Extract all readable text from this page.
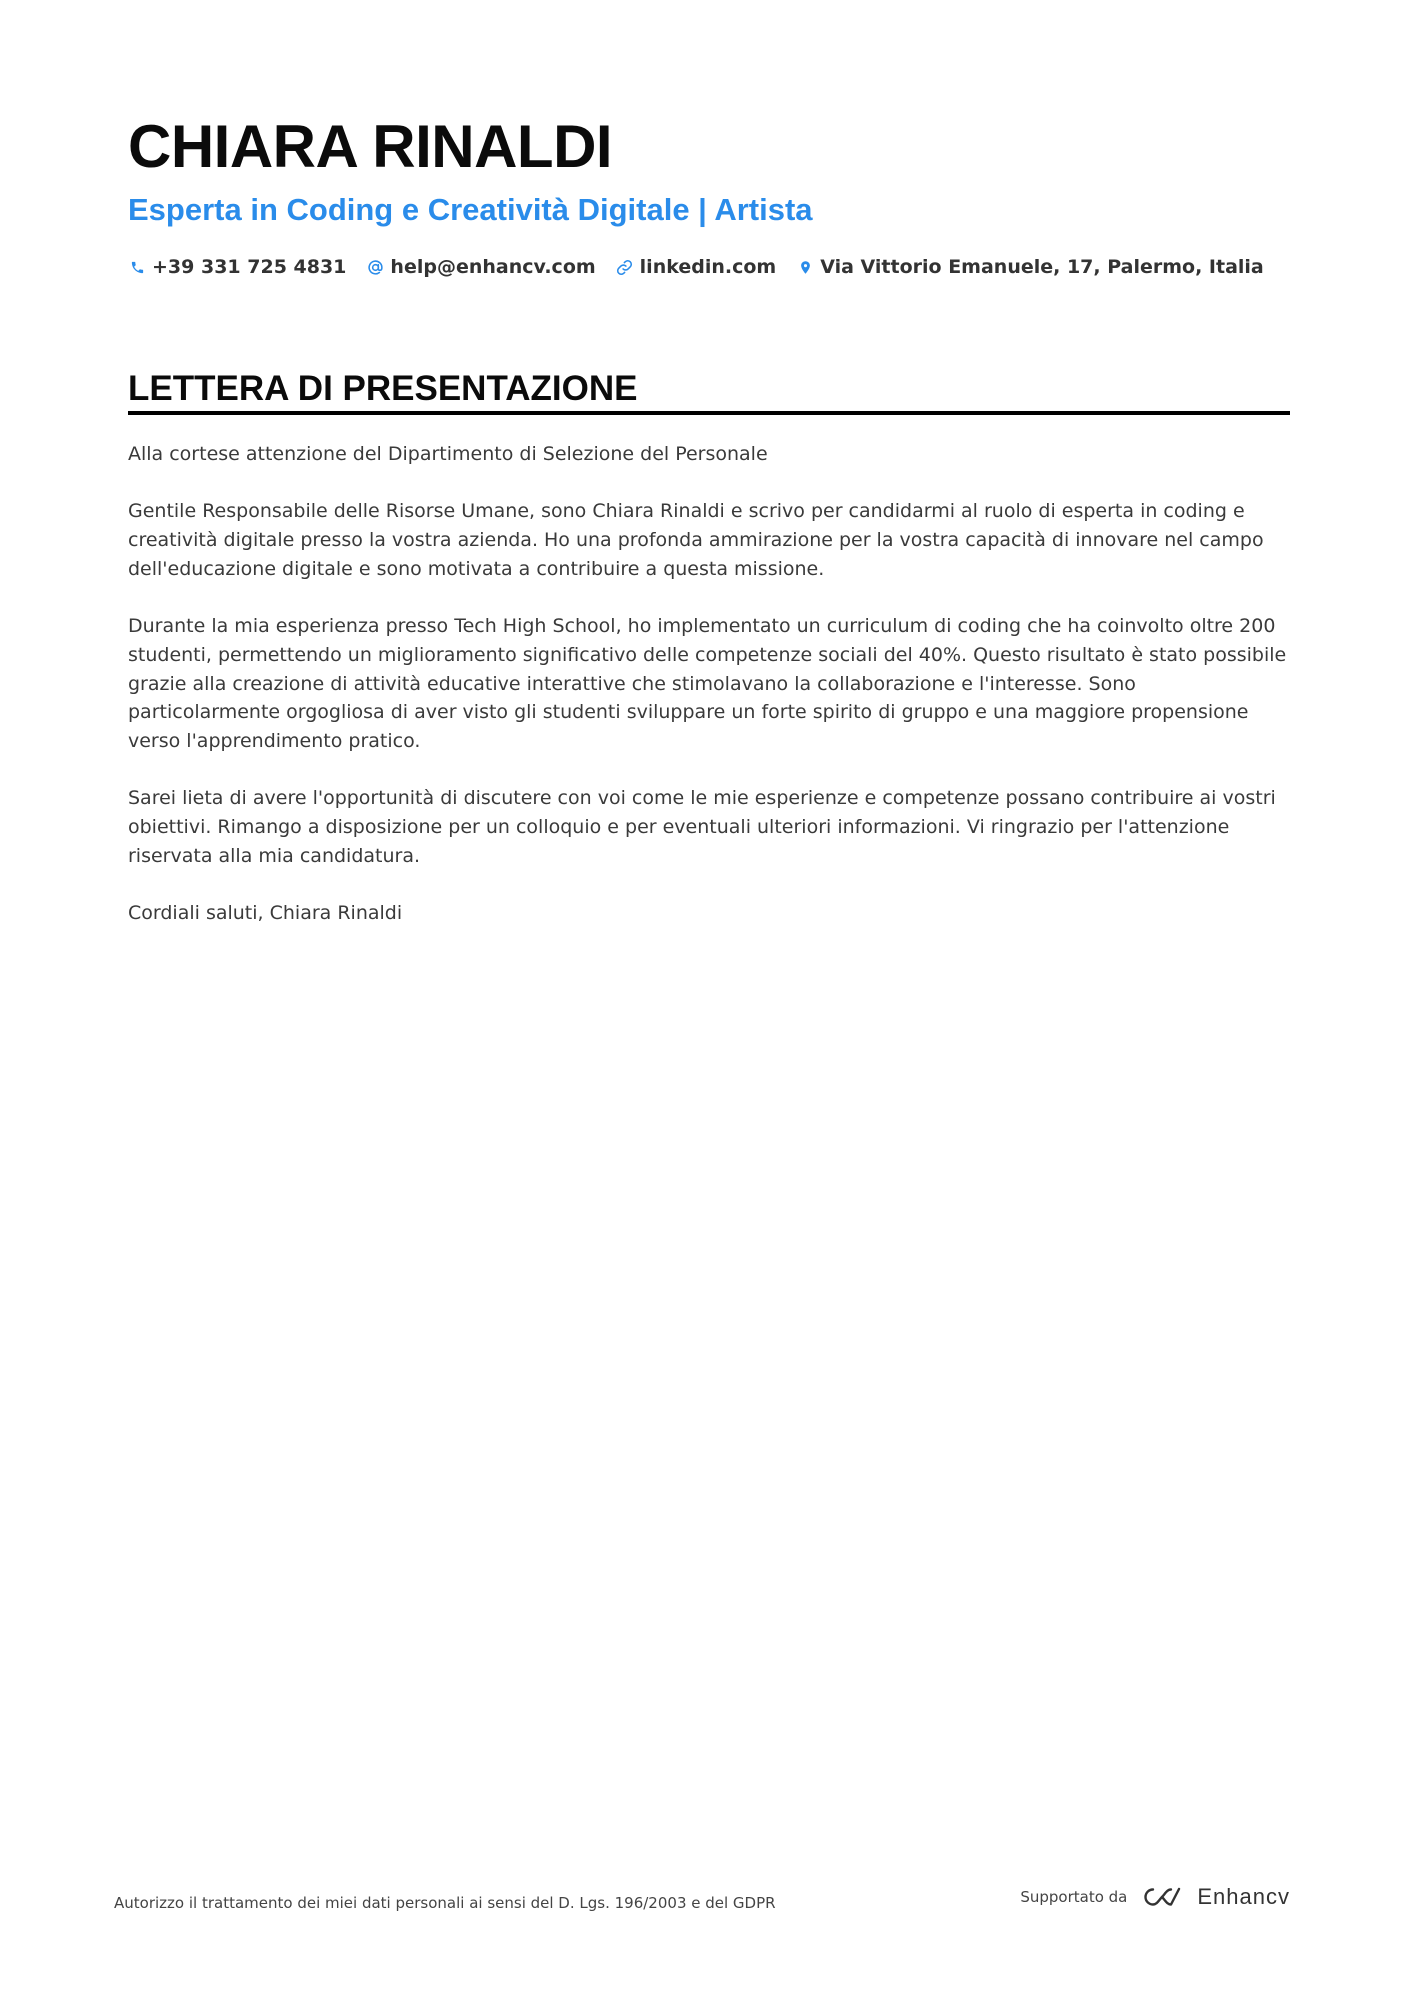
CHIARA RINALDI
Esperta in Coding e Creatività Digitale | Artista
+39 331 725 4831 help@enhancv.com linkedin.com Via Vittorio Emanuele, 17, Palermo, Italia
LETTERA DI PRESENTAZIONE

Alla cortese attenzione del Dipartimento di Selezione del Personale

Gentile Responsabile delle Risorse Umane, sono Chiara Rinaldi e scrivo per candidarmi al ruolo di esperta in coding e creatività digitale presso la vostra azienda. Ho una profonda ammirazione per la vostra capacità di innovare nel campo dell'educazione digitale e sono motivata a contribuire a questa missione.

Durante la mia esperienza presso Tech High School, ho implementato un curriculum di coding che ha coinvolto oltre 200 studenti, permettendo un miglioramento significativo delle competenze sociali del 40%. Questo risultato è stato possibile grazie alla creazione di attività educative interattive che stimolavano la collaborazione e l'interesse. Sono particolarmente orgogliosa di aver visto gli studenti sviluppare un forte spirito di gruppo e una maggiore propensione verso l'apprendimento pratico.

Sarei lieta di avere l'opportunità di discutere con voi come le mie esperienze e competenze possano contribuire ai vostri obiettivi. Rimango a disposizione per un colloquio e per eventuali ulteriori informazioni. Vi ringrazio per l'attenzione riservata alla mia candidatura.

Cordiali saluti, Chiara Rinaldi

Autorizzo il trattamento dei miei dati personali ai sensi del D. Lgs. 196/2003 e del GDPR	Supportato da	Enhancv
